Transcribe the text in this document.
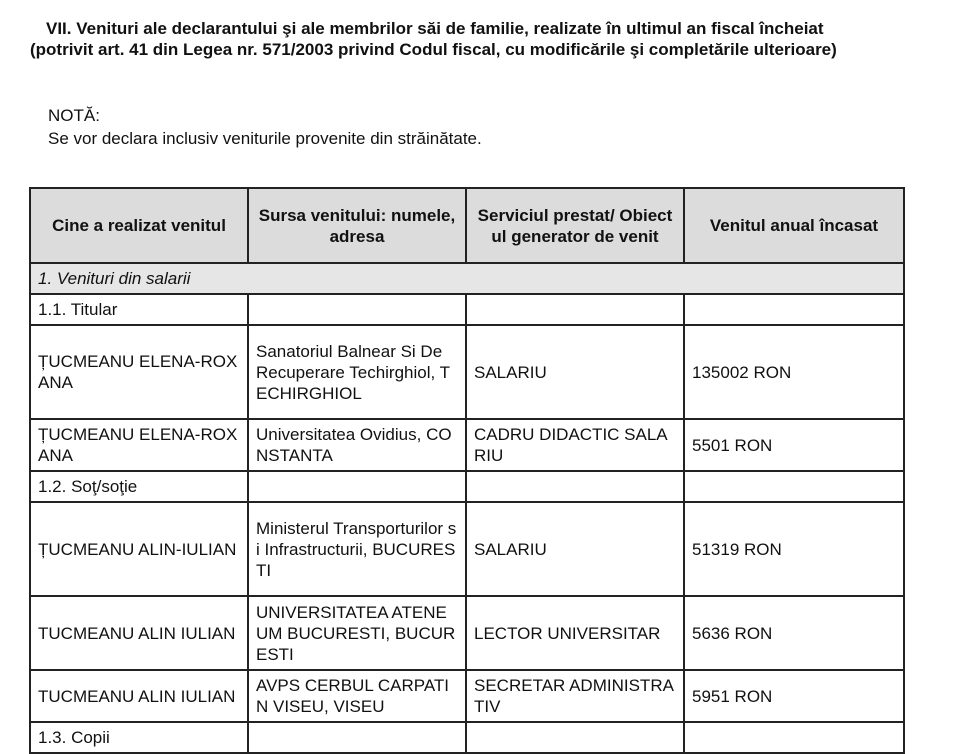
VII. Venituri ale declarantului şi ale membrilor săi de familie, realizate în ultimul an fiscal încheiat
(potrivit art. 41 din Legea nr. 571/2003 privind Codul fiscal, cu modificările şi completările ulterioare)
NOTĂ:
Se vor declara inclusiv veniturile provenite din străinătate.
Cine a realizat venitul	Sursa venitului: numele, adresa	Serviciul prestat/ Obiectul generator de venit	Venitul anual încasat
1. Venituri din salarii			
1.1. Titular			
ȚUCMEANU ELENA-ROXANA	Sanatoriul Balnear Si De Recuperare Techirghiol, TECHIRGHIOL	SALARIU	135002 RON
ȚUCMEANU ELENA-ROXANA	Universitatea Ovidius, CONSTANTA	CADRU DIDACTIC SALARIU	5501 RON
1.2. Soţ/soţie			
ȚUCMEANU ALIN-IULIAN	Ministerul Transporturilor si Infrastructurii, BUCURESTI	SALARIU	51319 RON
TUCMEANU ALIN IULIAN	UNIVERSITATEA ATENEUM BUCURESTI, BUCURESTI	LECTOR UNIVERSITAR	5636 RON
TUCMEANU ALIN IULIAN	AVPS CERBUL CARPATIN VISEU, VISEU	SECRETAR ADMINISTRATIV	5951 RON
1.3. Copii			
